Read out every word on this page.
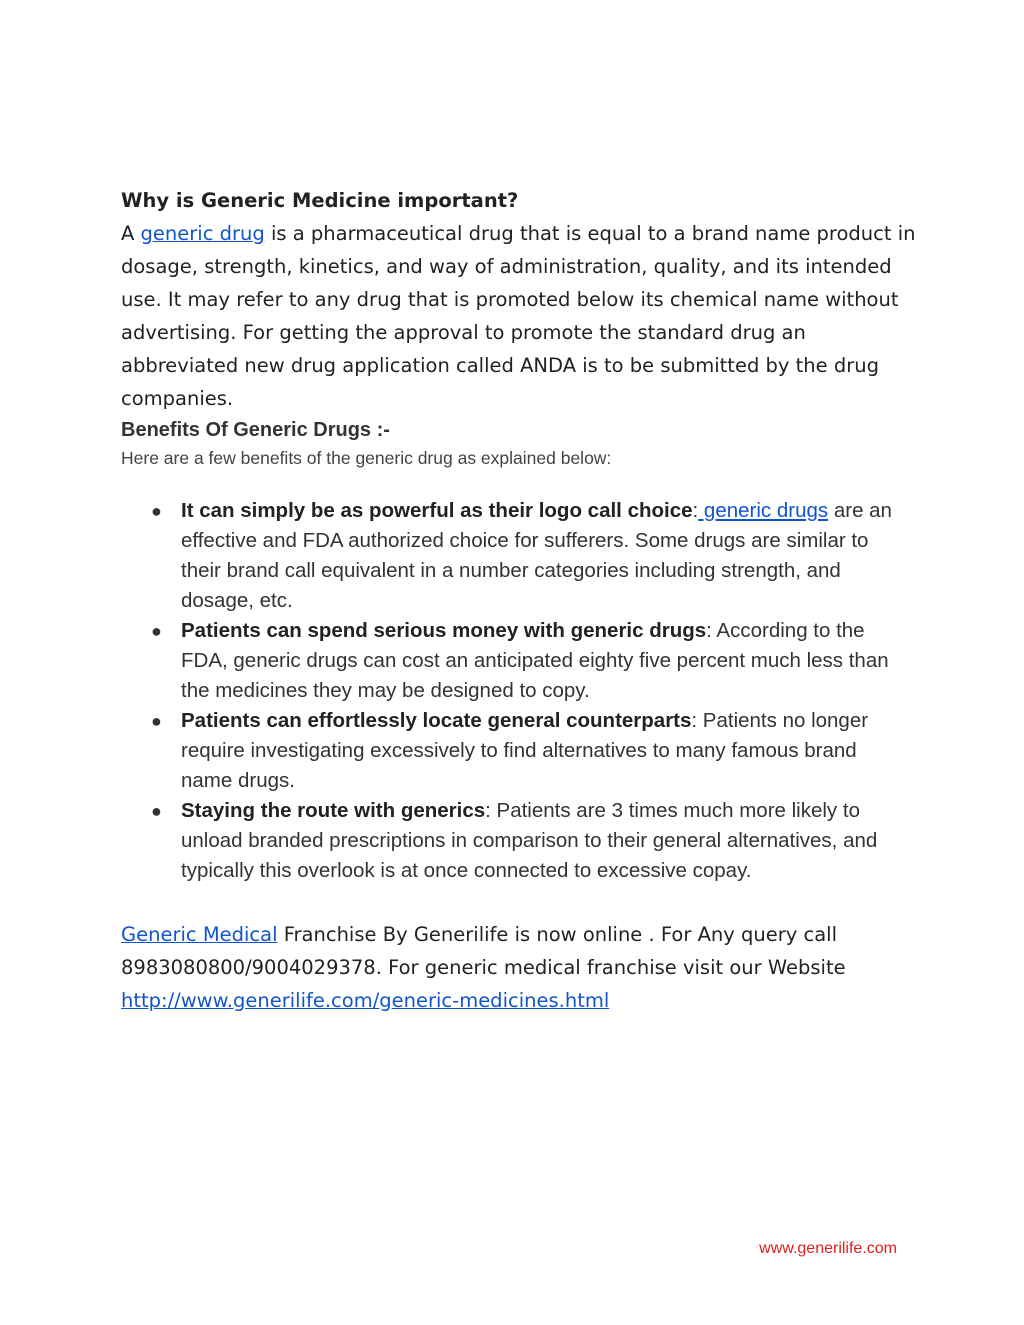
Why is Generic Medicine important?

A generic drug is a pharmaceutical drug that is equal to a brand name product in dosage, strength, kinetics, and way of administration, quality, and its intended use. It may refer to any drug that is promoted below its chemical name without advertising. For getting the approval to promote the standard drug an abbreviated new drug application called ANDA is to be submitted by the drug companies.

Benefits Of Generic Drugs :-
Here are a few benefits of the generic drug as explained below:
● It can simply be as powerful as their logo call choice: generic drugs are an effective and FDA authorized choice for sufferers. Some drugs are similar to their brand call equivalent in a number categories including strength, and dosage, etc.
● Patients can spend serious money with generic drugs: According to the FDA, generic drugs can cost an anticipated eighty five percent much less than the medicines they may be designed to copy.
● Patients can effortlessly locate general counterparts: Patients no longer require investigating excessively to find alternatives to many famous brand name drugs.
● Staying the route with generics: Patients are 3 times much more likely to unload branded prescriptions in comparison to their general alternatives, and typically this overlook is at once connected to excessive copay.
Generic Medical Franchise By Generilife is now online . For Any query call 8983080800/9004029378. For generic medical franchise visit our Website
http://www.generilife.com/generic-medicines.html
www.generilife.com
